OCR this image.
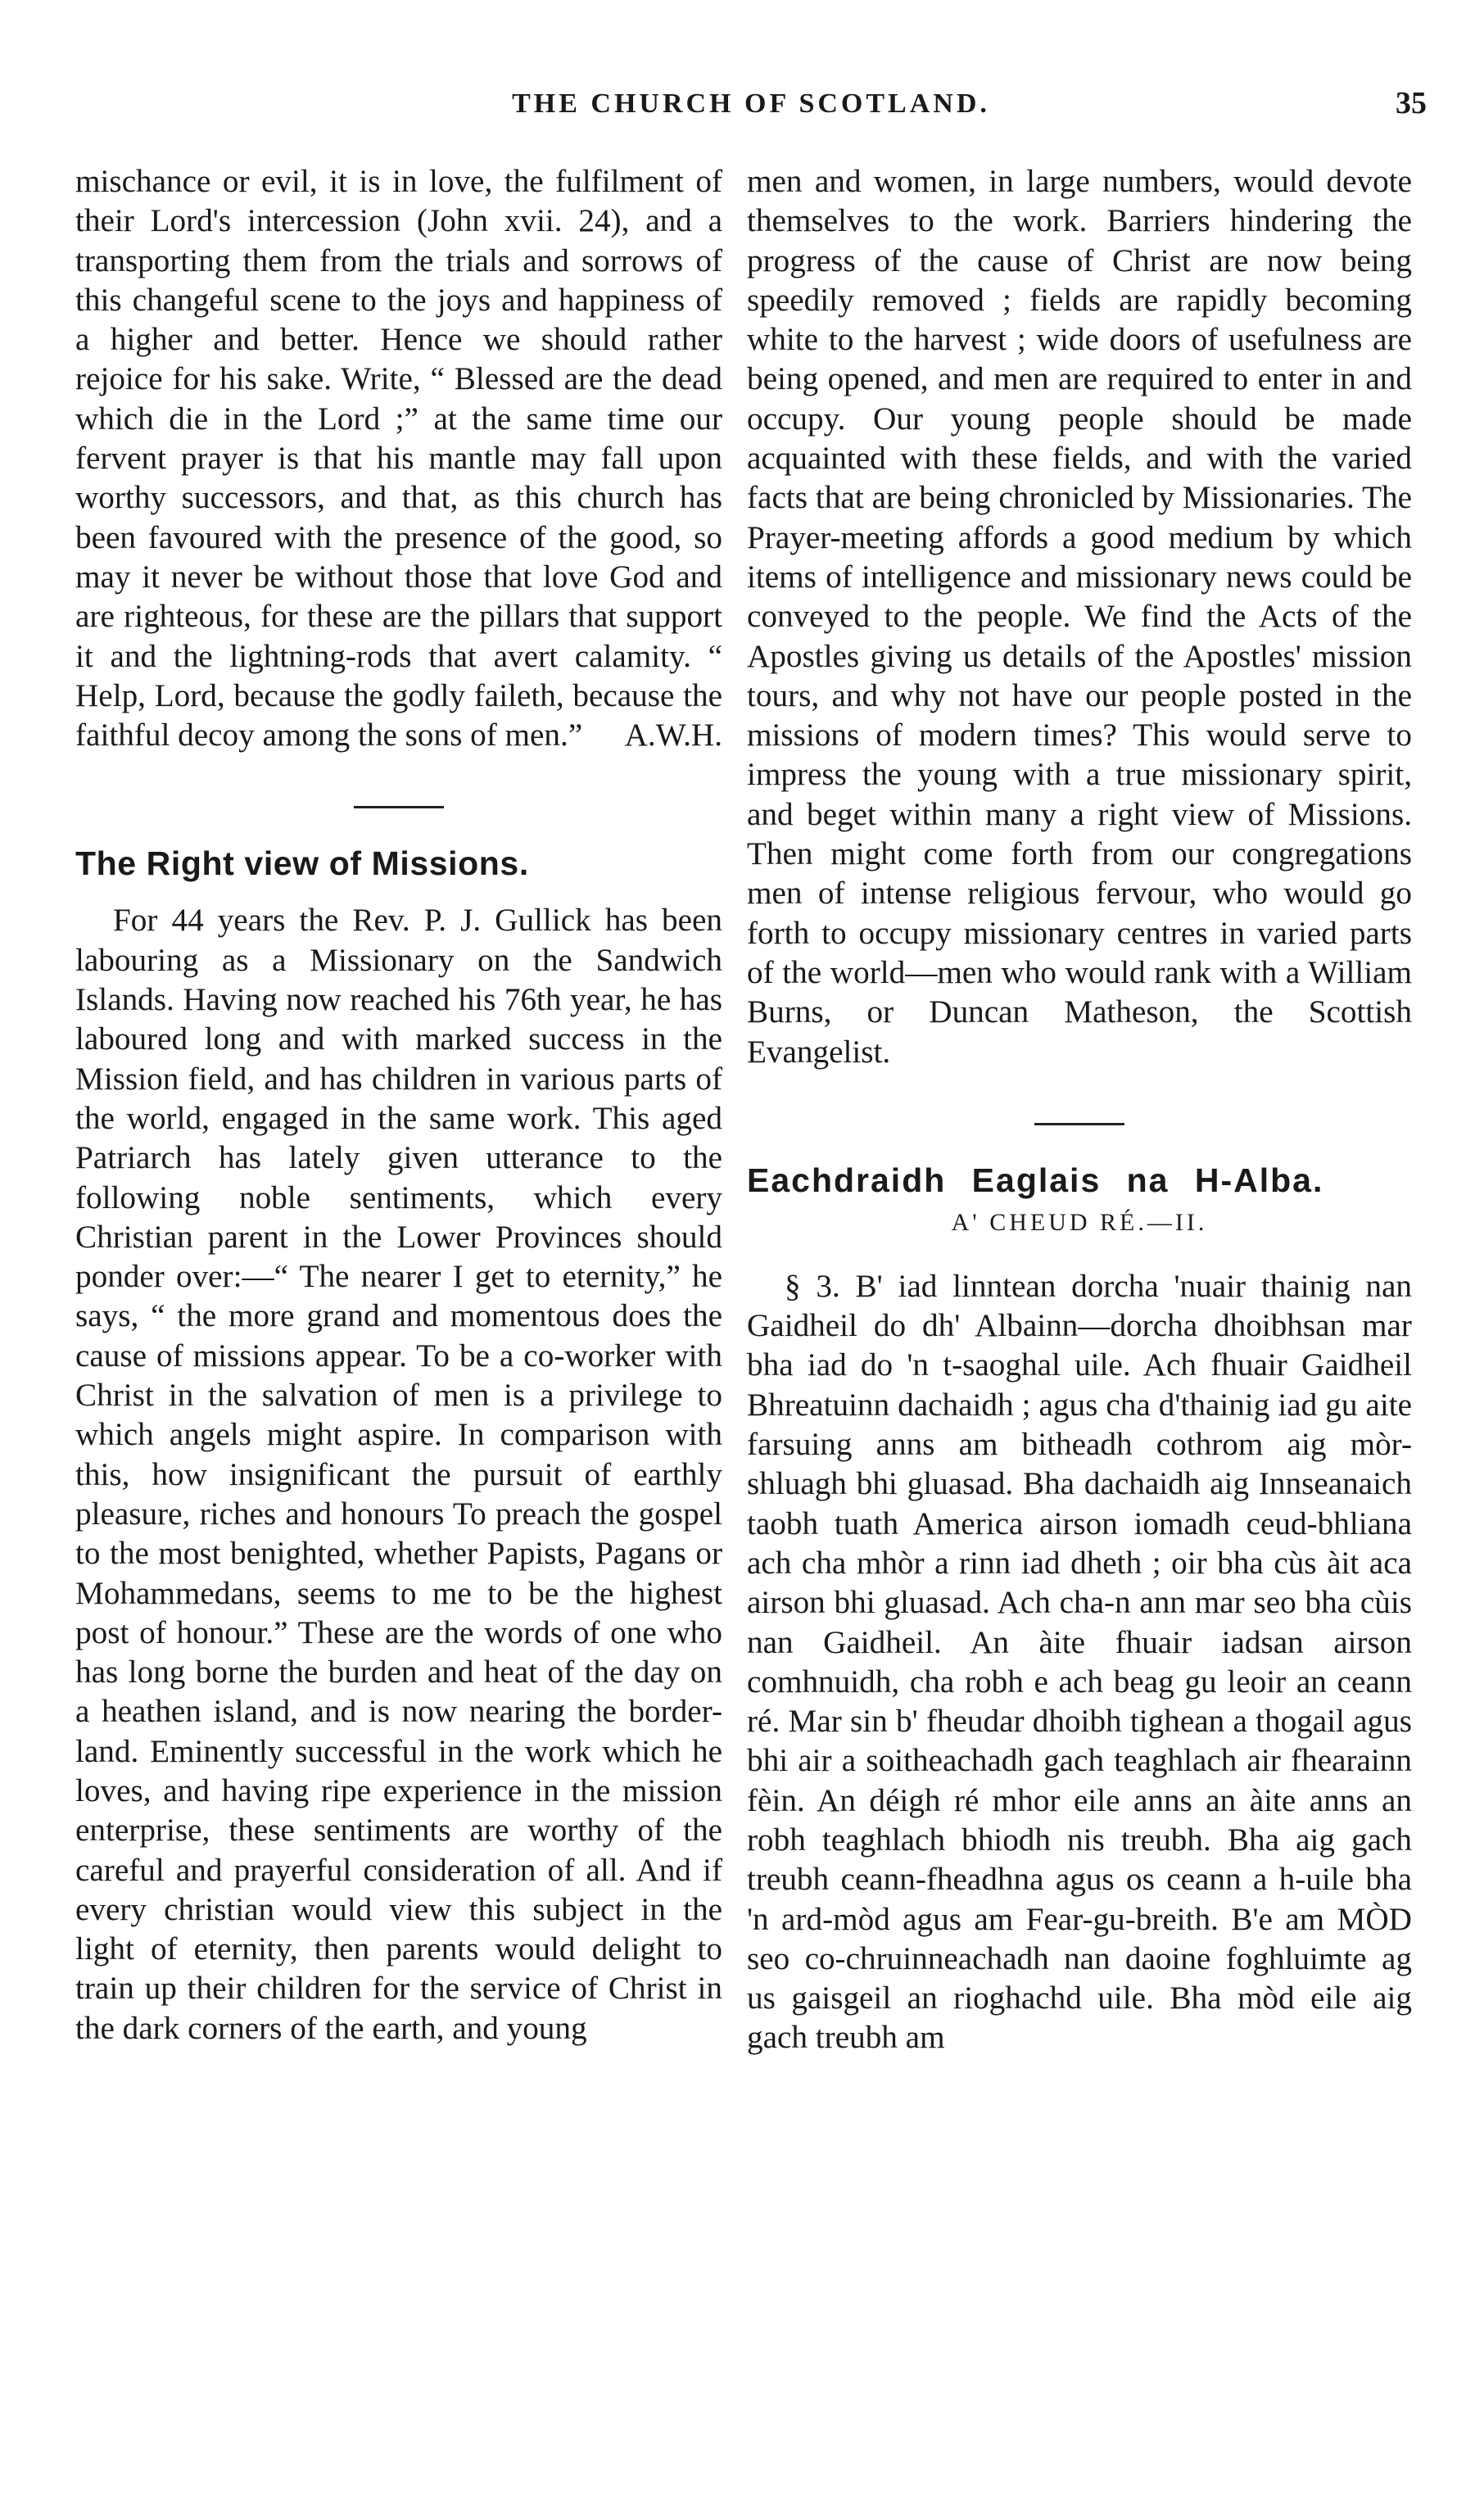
THE CHURCH OF SCOTLAND.	35

mischance or evil, it is in love, the fulfilment of their Lord's intercession (John xvii. 24), and a transporting them from the trials and sorrows of this changeful scene to the joys and happiness of a higher and better. Hence we should rather rejoice for his sake. Write, “ Blessed are the dead which die in the Lord ;” at the same time our fervent prayer is that his mantle may fall upon worthy successors, and that, as this church has been favoured with the presence of the good, so may it never be without those that love God and are righteous, for these are the pillars that support it and the lightning-rods that avert calamity. “ Help, Lord, because the godly faileth, because the faithful decoy among the sons of men.” A.W.H.

The Right view of Missions.

For 44 years the Rev. P. J. Gullick has been labouring as a Missionary on the Sandwich Islands. Having now reached his 76th year, he has laboured long and with marked success in the Mission field, and has children in various parts of the world, engaged in the same work. This aged Patriarch has lately given utterance to the following noble sentiments, which every Christian parent in the Lower Provinces should ponder over:—“ The nearer I get to eternity,” he says, “ the more grand and momentous does the cause of missions appear. To be a co-worker with Christ in the salvation of men is a privilege to which angels might aspire. In comparison with this, how insignificant the pursuit of earthly pleasure, riches and honours To preach the gospel to the most benighted, whether Papists, Pagans or Mohammedans, seems to me to be the highest post of honour.” These are the words of one who has long borne the burden and heat of the day on a heathen island, and is now nearing the border-land. Eminently successful in the work which he loves, and having ripe experience in the mission enterprise, these sentiments are worthy of the careful and prayerful consideration of all. And if every christian would view this subject in the light of eternity, then parents would delight to train up their children for the service of Christ in the dark corners of the earth, and young

men and women, in large numbers, would devote themselves to the work. Barriers hindering the progress of the cause of Christ are now being speedily removed ; fields are rapidly becoming white to the harvest ; wide doors of usefulness are being opened, and men are required to enter in and occupy. Our young people should be made acquainted with these fields, and with the varied facts that are being chronicled by Missionaries. The Prayer-meeting affords a good medium by which items of intelligence and missionary news could be conveyed to the people. We find the Acts of the Apostles giving us details of the Apostles' mission tours, and why not have our people posted in the missions of modern times? This would serve to impress the young with a true missionary spirit, and beget within many a right view of Missions. Then might come forth from our congregations men of intense religious fervour, who would go forth to occupy missionary centres in varied parts of the world—men who would rank with a William Burns, or Duncan Matheson, the Scottish Evangelist.

Eachdraidh Eaglais na H-Alba.
A' CHEUD RÉ.—II.

§ 3. B' iad linntean dorcha 'nuair thainig nan Gaidheil do dh' Albainn—dorcha dhoibhsan mar bha iad do 'n t-saoghal uile. Ach fhuair Gaidheil Bhreatuinn dachaidh ; agus cha d'thainig iad gu aite farsuing anns am bitheadh cothrom aig mòr-shluagh bhi gluasad. Bha dachaidh aig Innseanaich taobh tuath America airson iomadh ceud-bhliana ach cha mhòr a rinn iad dheth ; oir bha cùs àit aca airson bhi gluasad. Ach cha-n ann mar seo bha cùis nan Gaidheil. An àite fhuair iadsan airson comhnuidh, cha robh e ach beag gu leoir an ceann ré. Mar sin b' fheudar dhoibh tighean a thogail agus bhi air a soitheachadh gach teaghlach air fhearainn fèin. An déigh ré mhor eile anns an àite anns an robh teaghlach bhiodh nis treubh. Bha aig gach treubh ceann-fheadhna agus os ceann a h-uile bha 'n ard-mòd agus am Fear-gu-breith. B'e am MÒD seo co-chruinneachadh nan daoine foghluimte ag us gaisgeil an rioghachd uile. Bha mòd eile aig gach treubh am
